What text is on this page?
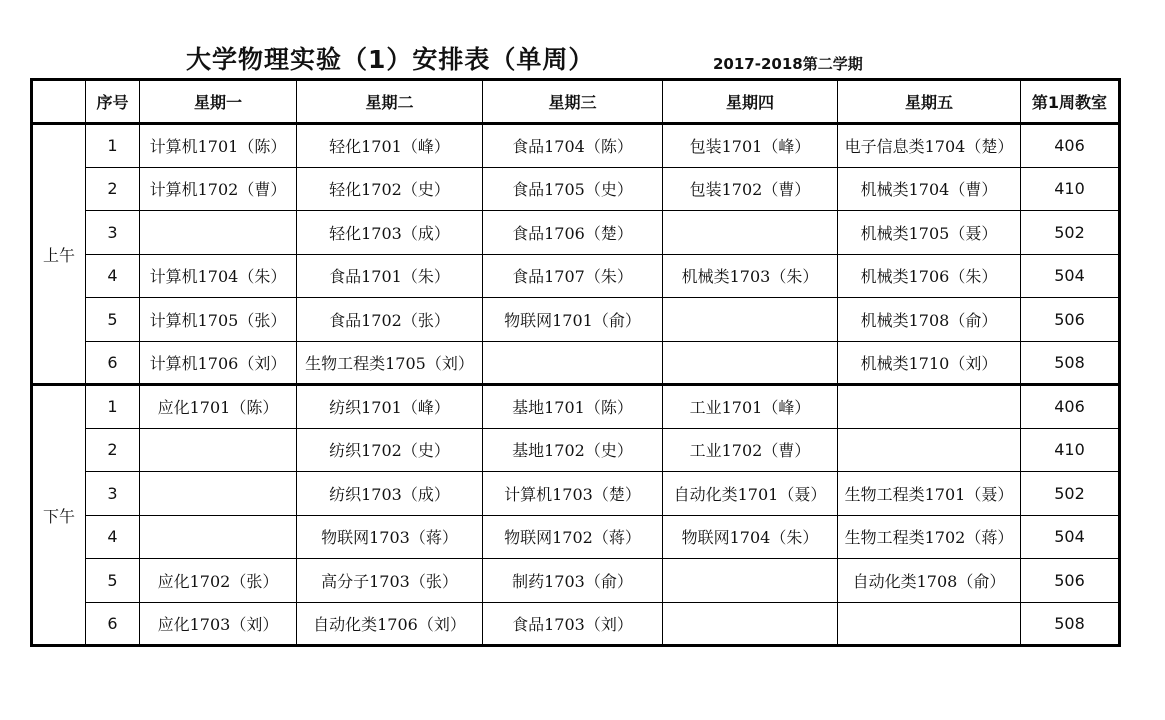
大学物理实验（1）安排表（单周）	2017-2018第二学期
	序号	星期一	星期二	星期三	星期四	星期五	第1周教室
上午	1	计算机1701（陈）	轻化1701（峰）	食品1704（陈）	包装1701（峰）	电子信息类1704（楚）	406
	2	计算机1702（曹）	轻化1702（史）	食品1705（史）	包装1702（曹）	机械类1704（曹）	410
	3		轻化1703（成）	食品1706（楚）		机械类1705（聂）	502
	4	计算机1704（朱）	食品1701（朱）	食品1707（朱）	机械类1703（朱）	机械类1706（朱）	504
	5	计算机1705（张）	食品1702（张）	物联网1701（俞）		机械类1708（俞）	506
	6	计算机1706（刘）	生物工程类1705（刘）			机械类1710（刘）	508
下午	1	应化1701（陈）	纺织1701（峰）	基地1701（陈）	工业1701（峰）		406
	2		纺织1702（史）	基地1702（史）	工业1702（曹）		410
	3		纺织1703（成）	计算机1703（楚）	自动化类1701（聂）	生物工程类1701（聂）	502
	4		物联网1703（蒋）	物联网1702（蒋）	物联网1704（朱）	生物工程类1702（蒋）	504
	5	应化1702（张）	高分子1703（张）	制药1703（俞）		自动化类1708（俞）	506
	6	应化1703（刘）	自动化类1706（刘）	食品1703（刘）			508
